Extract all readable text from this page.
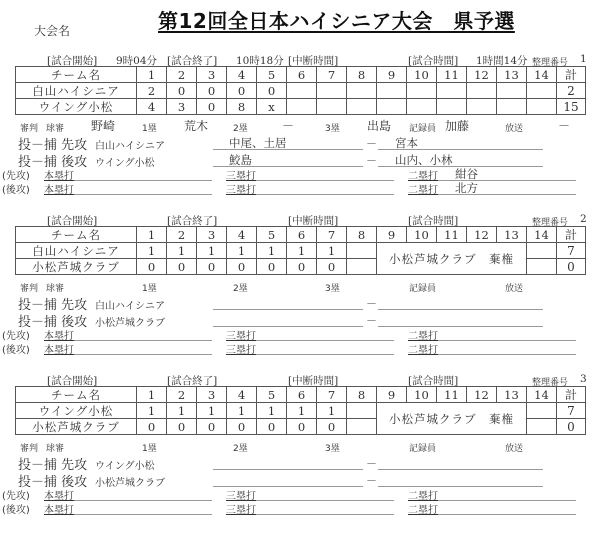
大会名	第12回全日本ハイシニア大会　県予選
[試合開始] 9時04分 [試合終了] 10時18分 [中断時間]	[試合時間] 1時間14分 整理番号 1
チーム名	1	2	3	4	5	6	7	8	9	10	11	12	13	14	計
白山ハイシニア	2	0	0	0	0										2
ウイング小松	4	3	0	8	x										15
審判 球審 野崎	1塁 荒木	2塁	－	3塁 出島 記録員 加藤	放送	－
投－捕 先攻 白山ハイシニア	中尾、土居	－ 宮本
投－捕 後攻 ウイング小松	鮫島	－ 山内、小林
(先攻) 本塁打	三塁打	二塁打 紺谷
(後攻) 本塁打	三塁打	二塁打 北方
[試合開始]	[試合終了]	[中断時間]	[試合時間]	整理番号 2
チーム名	1	2	3	4	5	6	7	8	9	10	11	12	13	14	計
白山ハイシニア	1	1	1	1	1	1	1		小松芦城クラブ　棄権						7
小松芦城クラブ	0	0	0	0	0	0	0								0
審判 球審	1塁	2塁	3塁	記録員	放送
投－捕 先攻 白山ハイシニア	－
投－捕 後攻 小松芦城クラブ	－
(先攻) 本塁打	三塁打	二塁打
(後攻) 本塁打	三塁打	二塁打
[試合開始]	[試合終了]	[中断時間]	[試合時間]	整理番号 3
チーム名	1	2	3	4	5	6	7	8	9	10	11	12	13	14	計
ウイング小松	1	1	1	1	1	1	1		小松芦城クラブ　棄権						7
小松芦城クラブ	0	0	0	0	0	0	0								0
審判 球審	1塁	2塁	3塁	記録員	放送
投－捕 先攻 ウイング小松	－
投－捕 後攻 小松芦城クラブ	－
(先攻) 本塁打	三塁打	二塁打
(後攻) 本塁打	三塁打	二塁打
